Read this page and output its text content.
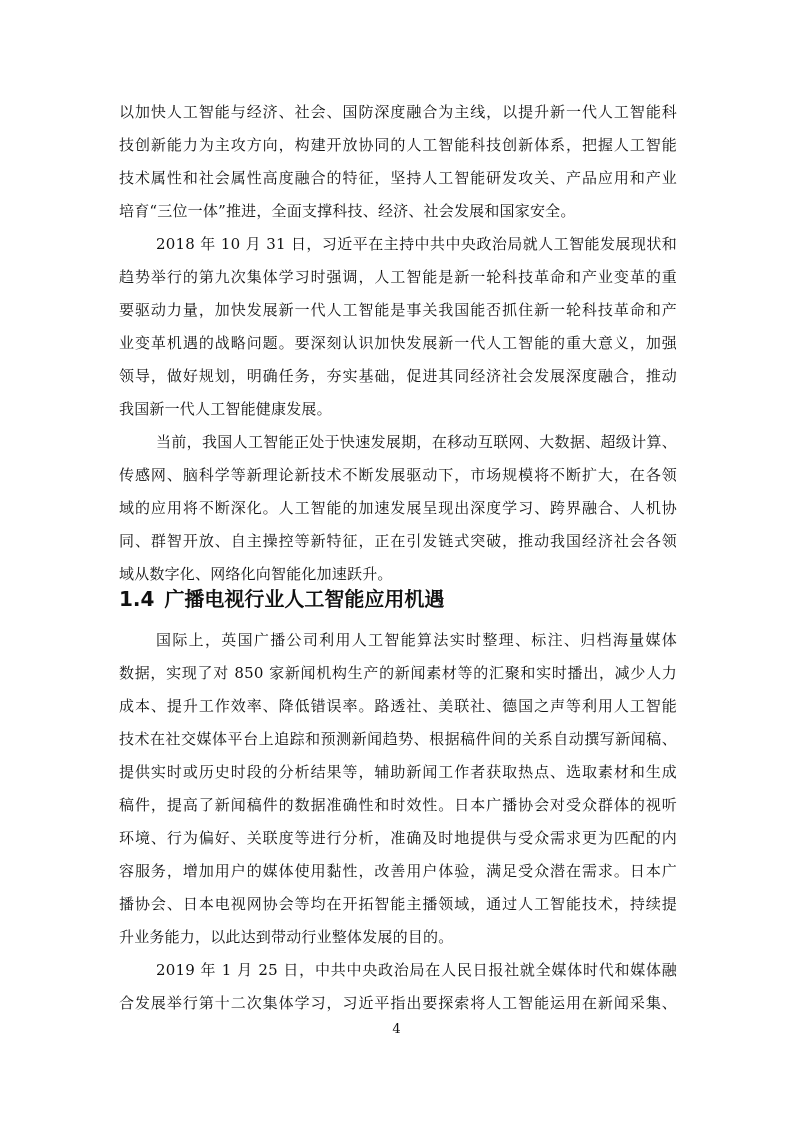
以加快人工智能与经济、社会、国防深度融合为主线，以提升新一代人工智能科
技创新能力为主攻方向，构建开放协同的人工智能科技创新体系，把握人工智能
技术属性和社会属性高度融合的特征，坚持人工智能研发攻关、产品应用和产业
培育“三位一体”推进，全面支撑科技、经济、社会发展和国家安全。
2018 年 10 月 31 日，习近平在主持中共中央政治局就人工智能发展现状和
趋势举行的第九次集体学习时强调，人工智能是新一轮科技革命和产业变革的重
要驱动力量，加快发展新一代人工智能是事关我国能否抓住新一轮科技革命和产
业变革机遇的战略问题。要深刻认识加快发展新一代人工智能的重大意义，加强
领导，做好规划，明确任务，夯实基础，促进其同经济社会发展深度融合，推动
我国新一代人工智能健康发展。
当前，我国人工智能正处于快速发展期，在移动互联网、大数据、超级计算、
传感网、脑科学等新理论新技术不断发展驱动下，市场规模将不断扩大，在各领
域的应用将不断深化。人工智能的加速发展呈现出深度学习、跨界融合、人机协
同、群智开放、自主操控等新特征，正在引发链式突破，推动我国经济社会各领
域从数字化、网络化向智能化加速跃升。
1.4 广播电视行业人工智能应用机遇
国际上，英国广播公司利用人工智能算法实时整理、标注、归档海量媒体
数据，实现了对 850 家新闻机构生产的新闻素材等的汇聚和实时播出，减少人力
成本、提升工作效率、降低错误率。路透社、美联社、德国之声等利用人工智能
技术在社交媒体平台上追踪和预测新闻趋势、根据稿件间的关系自动撰写新闻稿、
提供实时或历史时段的分析结果等，辅助新闻工作者获取热点、选取素材和生成
稿件，提高了新闻稿件的数据准确性和时效性。日本广播协会对受众群体的视听
环境、行为偏好、关联度等进行分析，准确及时地提供与受众需求更为匹配的内
容服务，增加用户的媒体使用黏性，改善用户体验，满足受众潜在需求。日本广
播协会、日本电视网协会等均在开拓智能主播领域，通过人工智能技术，持续提
升业务能力，以此达到带动行业整体发展的目的。
2019 年 1 月 25 日，中共中央政治局在人民日报社就全媒体时代和媒体融
合发展举行第十二次集体学习，习近平指出要探索将人工智能运用在新闻采集、
4
